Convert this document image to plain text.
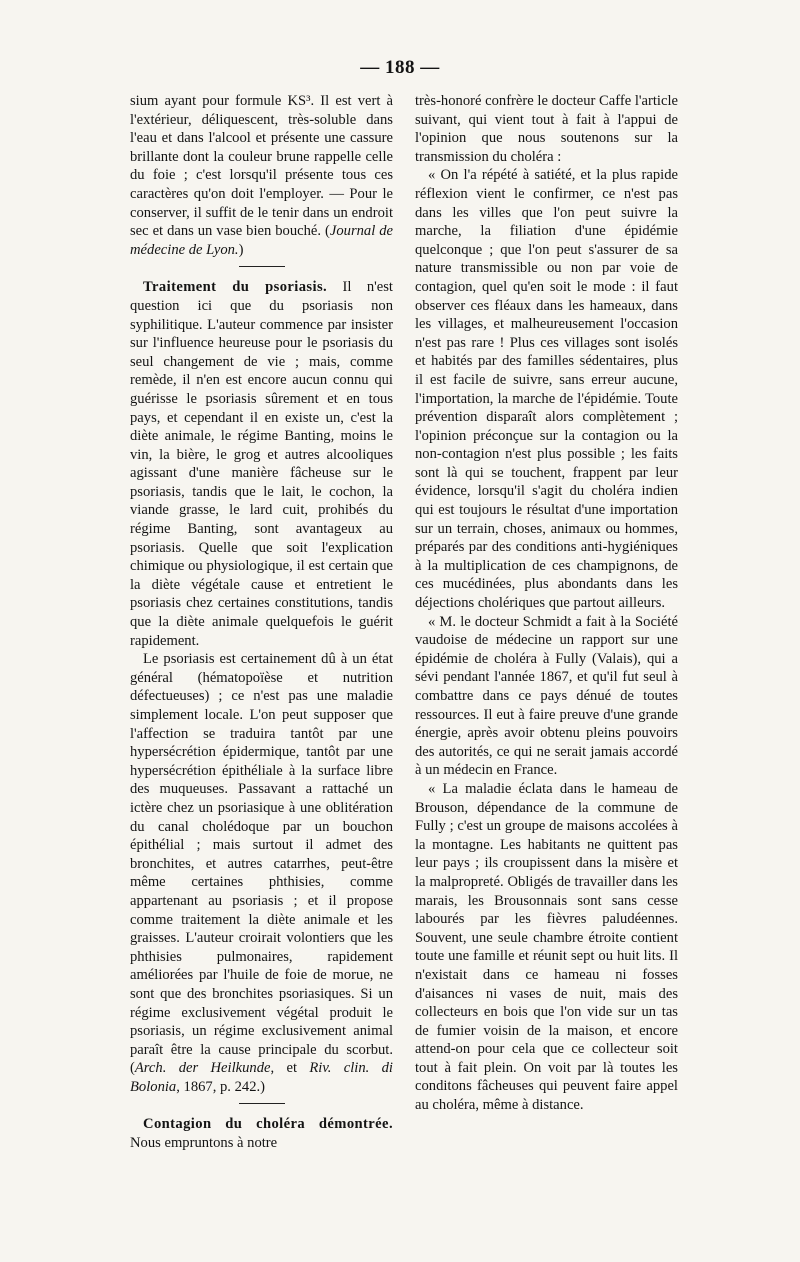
— 188 —

sium ayant pour formule KS³. Il est vert à l'extérieur, déliquescent, très-soluble dans l'eau et dans l'alcool et présente une cassure brillante dont la couleur brune rappelle celle du foie ; c'est lorsqu'il présente tous ces caractères qu'on doit l'employer. — Pour le conserver, il suffit de le tenir dans un endroit sec et dans un vase bien bouché. (Journal de médecine de Lyon.)

Traitement du psoriasis. Il n'est question ici que du psoriasis non syphilitique. L'auteur commence par insister sur l'influence heureuse pour le psoriasis du seul changement de vie ; mais, comme remède, il n'en est encore aucun connu qui guérisse le psoriasis sûrement et en tous pays, et cependant il en existe un, c'est la diète animale, le régime Banting, moins le vin, la bière, le grog et autres alcooliques agissant d'une manière fâcheuse sur le psoriasis, tandis que le lait, le cochon, la viande grasse, le lard cuit, prohibés du régime Banting, sont avantageux au psoriasis. Quelle que soit l'explication chimique ou physiologique, il est certain que la diète végétale cause et entretient le psoriasis chez certaines constitutions, tandis que la diète animale quelquefois le guérit rapidement.

Le psoriasis est certainement dû à un état général (hématopoïèse et nutrition défectueuses) ; ce n'est pas une maladie simplement locale. L'on peut supposer que l'affection se traduira tantôt par une hypersécrétion épidermique, tantôt par une hypersécrétion épithéliale à la surface libre des muqueuses. Passavant a rattaché un ictère chez un psoriasique à une oblitération du canal cholédoque par un bouchon épithélial ; mais surtout il admet des bronchites, et autres catarrhes, peut-être même certaines phthisies, comme appartenant au psoriasis ; et il propose comme traitement la diète animale et les graisses. L'auteur croirait volontiers que les phthisies pulmonaires, rapidement améliorées par l'huile de foie de morue, ne sont que des bronchites psoriasiques. Si un régime exclusivement végétal produit le psoriasis, un régime exclusivement animal paraît être la cause principale du scorbut. (Arch. der Heilkunde, et Riv. clin. di Bolonia, 1867, p. 242.)

Contagion du choléra démontrée. Nous empruntons à notre

très-honoré confrère le docteur Caffe l'article suivant, qui vient tout à fait à l'appui de l'opinion que nous soutenons sur la transmission du choléra :

« On l'a répété à satiété, et la plus rapide réflexion vient le confirmer, ce n'est pas dans les villes que l'on peut suivre la marche, la filiation d'une épidémie quelconque ; que l'on peut s'assurer de sa nature transmissible ou non par voie de contagion, quel qu'en soit le mode : il faut observer ces fléaux dans les hameaux, dans les villages, et malheureusement l'occasion n'est pas rare ! Plus ces villages sont isolés et habités par des familles sédentaires, plus il est facile de suivre, sans erreur aucune, l'importation, la marche de l'épidémie. Toute prévention disparaît alors complètement ; l'opinion préconçue sur la contagion ou la non-contagion n'est plus possible ; les faits sont là qui se touchent, frappent par leur évidence, lorsqu'il s'agit du choléra indien qui est toujours le résultat d'une importation sur un terrain, choses, animaux ou hommes, préparés par des conditions anti-hygiéniques à la multiplication de ces champignons, de ces mucédinées, plus abondants dans les déjections cholériques que partout ailleurs.

« M. le docteur Schmidt a fait à la Société vaudoise de médecine un rapport sur une épidémie de choléra à Fully (Valais), qui a sévi pendant l'année 1867, et qu'il fut seul à combattre dans ce pays dénué de toutes ressources. Il eut à faire preuve d'une grande énergie, après avoir obtenu pleins pouvoirs des autorités, ce qui ne serait jamais accordé à un médecin en France.

« La maladie éclata dans le hameau de Brouson, dépendance de la commune de Fully ; c'est un groupe de maisons accolées à la montagne. Les habitants ne quittent pas leur pays ; ils croupissent dans la misère et la malpropreté. Obligés de travailler dans les marais, les Brousonnais sont sans cesse labourés par les fièvres paludéennes. Souvent, une seule chambre étroite contient toute une famille et réunit sept ou huit lits. Il n'existait dans ce hameau ni fosses d'aisances ni vases de nuit, mais des collecteurs en bois que l'on vide sur un tas de fumier voisin de la maison, et encore attend-on pour cela que ce collecteur soit tout à fait plein. On voit par là toutes les conditons fâcheuses qui peuvent faire appel au choléra, même à distance.
